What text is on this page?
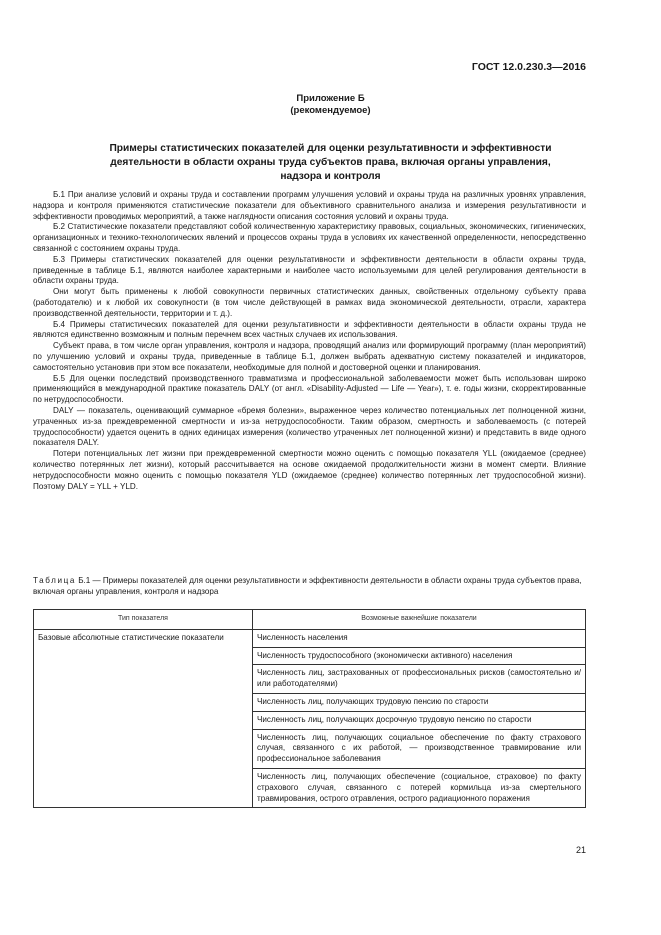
ГОСТ 12.0.230.3—2016
Приложение Б
(рекомендуемое)
Примеры статистических показателей для оценки результативности и эффективности
деятельности в области охраны труда субъектов права, включая органы управления,
надзора и контроля

Б.1 При анализе условий и охраны труда и составлении программ улучшения условий и охраны труда на различных уровнях управления, надзора и контроля применяются статистические показатели для объективного сравнительного анализа и измерения результативности и эффективности проводимых мероприятий, а также наглядности описания состояния условий и охраны труда.

Б.2 Статистические показатели представляют собой количественную характеристику правовых, социальных, экономических, гигиенических, организационных и технико-технологических явлений и процессов охраны труда в условиях их качественной определенности, непосредственно связанной с состоянием охраны труда.

Б.3 Примеры статистических показателей для оценки результативности и эффективности деятельности в области охраны труда, приведенные в таблице Б.1, являются наиболее характерными и наиболее часто используемыми для целей регулирования деятельности в области охраны труда.

Они могут быть применены к любой совокупности первичных статистических данных, свойственных отдельному субъекту права (работодателю) и к любой их совокупности (в том числе действующей в рамках вида экономической деятельности, отрасли, характера производственной деятельности, территории и т. д.).

Б.4 Примеры статистических показателей для оценки результативности и эффективности деятельности в области охраны труда не являются единственно возможным и полным перечнем всех частных случаев их использования.

Субъект права, в том числе орган управления, контроля и надзора, проводящий анализ или формирующий программу (план мероприятий) по улучшению условий и охраны труда, приведенные в таблице Б.1, должен выбрать адекватную систему показателей и индикаторов, самостоятельно установив при этом все показатели, необходимые для полной и достоверной оценки и планирования.

Б.5 Для оценки последствий производственного травматизма и профессиональной заболеваемости может быть использован широко применяющийся в международной практике показатель DALY (от англ. «Disability-Adjusted — Life — Year»), т. е. годы жизни, скорректированные по нетрудоспособности.

DALY — показатель, оценивающий суммарное «бремя болезни», выраженное через количество потенциальных лет полноценной жизни, утраченных из-за преждевременной смертности и из-за нетрудоспособности. Таким образом, смертность и заболеваемость (с потерей трудоспособности) удается оценить в одних единицах измерения (количество утраченных лет полноценной жизни) и представить в виде одного показателя DALY.

Потери потенциальных лет жизни при преждевременной смертности можно оценить с помощью показателя YLL (ожидаемое (среднее) количество потерянных лет жизни), который рассчитывается на основе ожидаемой продолжительности жизни в момент смерти. Влияние нетрудоспособности можно оценить с помощью показателя YLD (ожидаемое (среднее) количество потерянных лет трудоспособной жизни). Поэтому DALY = YLL + YLD.

Таблица Б.1 — Примеры показателей для оценки результативности и эффективности деятельности в области охраны труда субъектов права, включая органы управления, контроля и надзора
Тип показателя	Возможные важнейшие показатели
Базовые абсолютные статистические показатели	Численность населения
	Численность трудоспособного (экономически активного) населения
	Численность лиц, застрахованных от профессиональных рисков (самостоятельно и/или работодателями)
	Численность лиц, получающих трудовую пенсию по старости
	Численность лиц, получающих досрочную трудовую пенсию по старости
	Численность лиц, получающих социальное обеспечение по факту страхового случая, связанного с их работой, — производственнoe травмирование или профессиональное заболевания
	Численность лиц, получающих обеспечение (социальное, страховое) по факту страхового случая, связанного с потерей кормильца из-за смертельного травмирования, острого отравления, острого радиационного поражения
21
